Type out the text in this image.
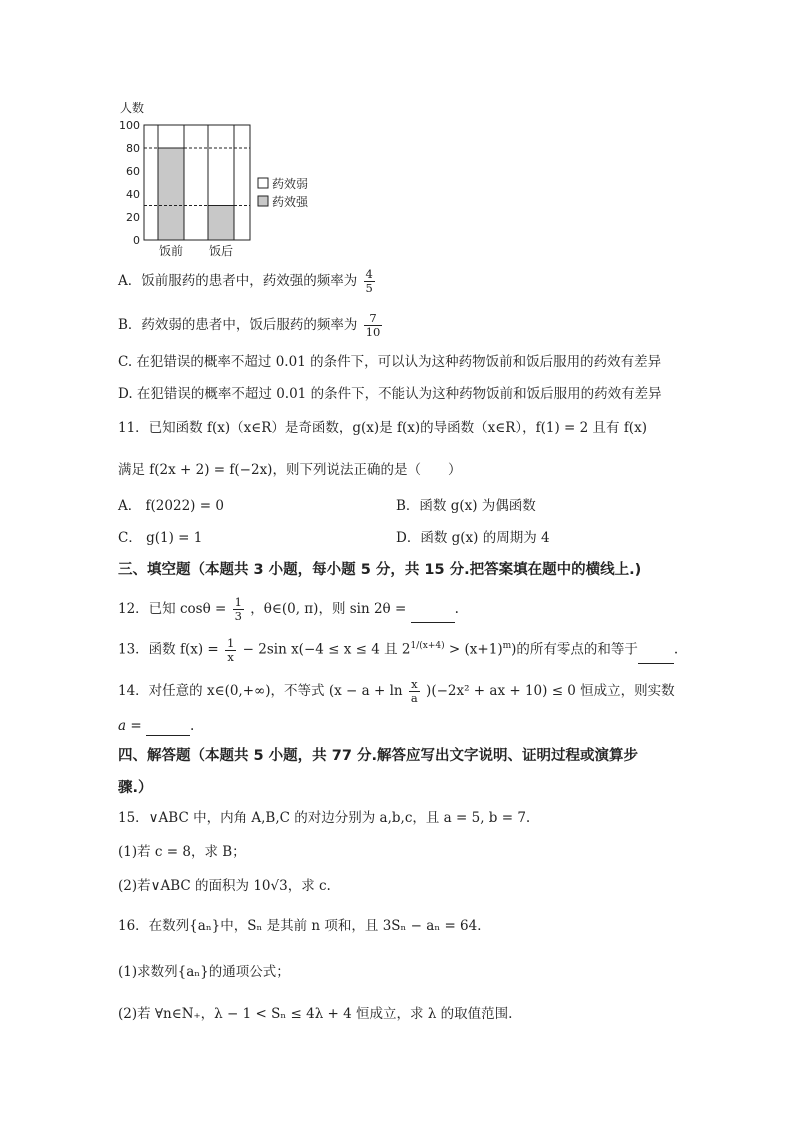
人数
0
20
40
60
80
100
饭前 饭后
药效弱
药效强
A．饭前服药的患者中，药效强的频率为 $\frac{4}{5}$
B．药效弱的患者中，饭后服药的频率为 $\frac{7}{10}$
C. 在犯错误的概率不超过 0.01 的条件下，可以认为这种药物饭前和饭后服用的药效有差异
D. 在犯错误的概率不超过 0.01 的条件下，不能认为这种药物饭前和饭后服用的药效有差异
11．已知函数 f(x)（x∈R）是奇函数，g(x)是 f(x)的导函数（x∈R），f(1) = 2 且有 f(x)
满足 f(2x + 2) = f(−2x)，则下列说法正确的是（　　）
A． f(2022) = 0	B．函数 g(x) 为偶函数
C． g(1) = 1	D．函数 g(x) 的周期为 4
三、填空题（本题共 3 小题，每小题 5 分，共 15 分.把答案填在题中的横线上.)
12．已知 $\cos\theta = \frac{1}{3}$ ，θ∈(0, π)，则 sin 2θ =	.
13．函数 $f(x) = \frac{1}{x} - 2\sin$ x(−4 ≤ x ≤ 4 且 $2^{1/(x+4)} > (x+1)^m$)的所有零点的和等于	.
14．对任意的 x∈(0,+∞)，不等式 $(x - a + \ln \frac{x}{a} )(-2x^2$ + ax + 10) ≤ 0 恒成立，则实数
a =	.
四、解答题（本题共 5 小题，共 77 分.解答应写出文字说明、证明过程或演算步
骤.）
15．∨ABC 中，内角 A,B,C 的对边分别为 a,b,c，且 a = 5, b = 7.
(1)若 c = 8，求 B；
(2)若∨ABC 的面积为 10√3，求 c.
16．在数列{aₙ}中，Sₙ 是其前 n 项和，且 3Sₙ − aₙ = 64．
(1)求数列{aₙ}的通项公式；
(2)若 ∀n∈N₊，λ − 1 < Sₙ ≤ 4λ + 4 恒成立，求 λ 的取值范围.
